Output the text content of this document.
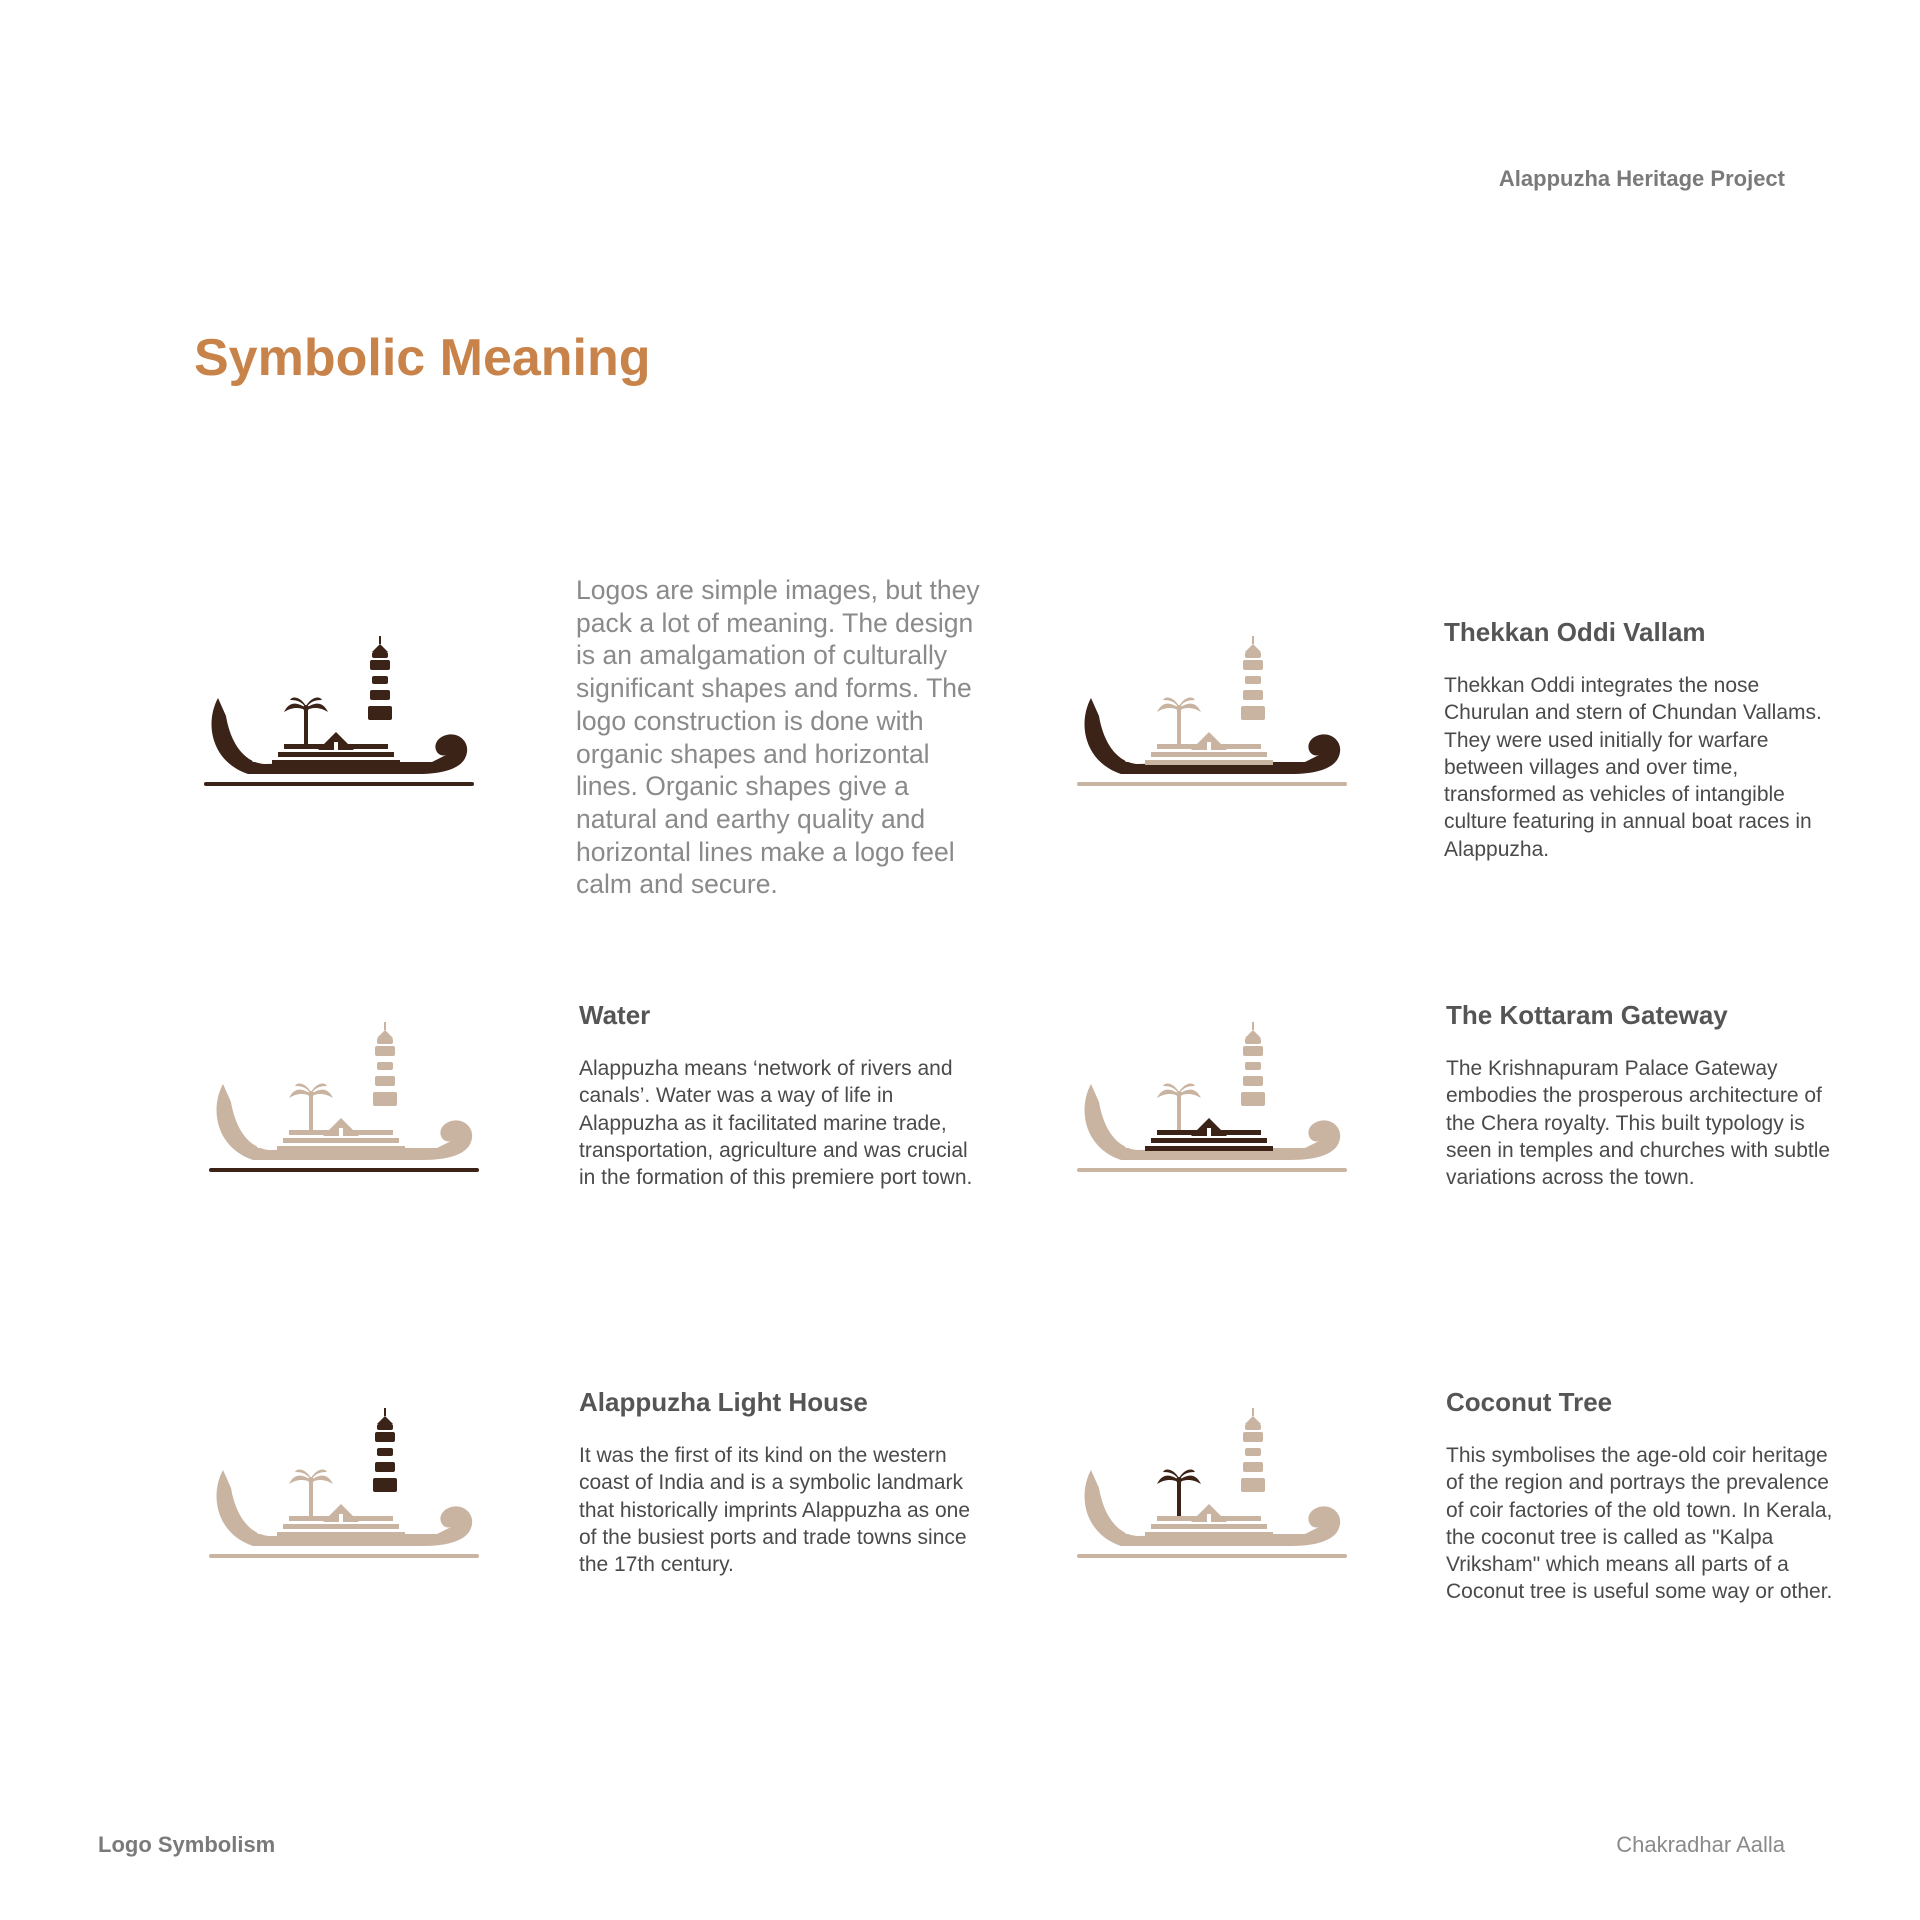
Alappuzha Heritage Project
Symbolic Meaning

Logos are simple images, but they pack a lot of meaning. The design is an amalgamation of culturally significant shapes and forms. The logo construction is done with organic shapes and horizontal lines. Organic shapes give a natural and earthy quality and horizontal lines make a logo feel calm and secure.

Thekkan Oddi Vallam

Thekkan Oddi integrates the nose Churulan and stern of Chundan Vallams. They were used initially for warfare between villages and over time, transformed as vehicles of intangible culture featuring in annual boat races in Alappuzha.

Water

Alappuzha means ‘network of rivers and canals’. Water was a way of life in Alappuzha as it facilitated marine trade, transportation, agriculture and was crucial in the formation of this premiere port town.

The Kottaram Gateway

The Krishnapuram Palace Gateway embodies the prosperous architecture of the Chera royalty. This built typology is seen in temples and churches with subtle variations across the town.

Alappuzha Light House

It was the first of its kind on the western coast of India and is a symbolic landmark that historically imprints Alappuzha as one of the busiest ports and trade towns since the 17th century.

Coconut Tree

This symbolises the age-old coir heritage of the region and portrays the prevalence of coir factories of the old town. In Kerala, the coconut tree is called as "Kalpa Vriksham" which means all parts of a Coconut tree is useful some way or other.

Logo Symbolism	Chakradhar Aalla
